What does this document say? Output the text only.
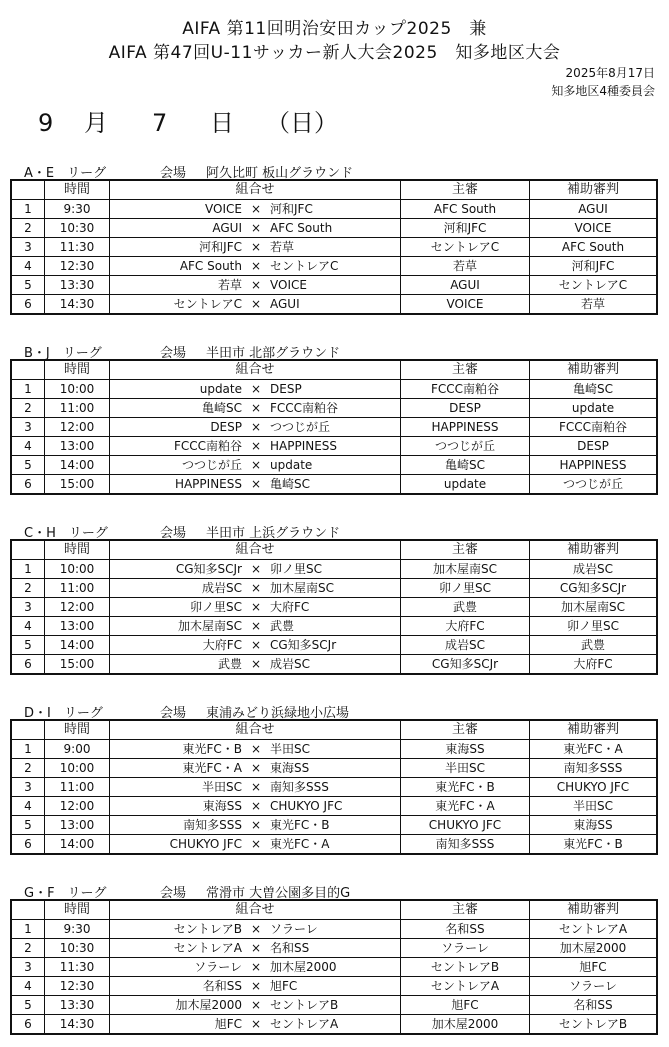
AIFA 第11回明治安田カップ2025　兼
AIFA 第47回U-11サッカー新人大会2025　知多地区大会
2025年8月17日
知多地区4種委員会
9 月 7 日 （日）
A・E　リーグ	会場 阿久比町 板山グラウンド
	時間	組合せ	主審	補助審判
1	9:30	VOICE × 河和JFC	AFC South	AGUI
2	10:30	AGUI × AFC South	河和JFC	VOICE
3	11:30	河和JFC × 若草	セントレアC	AFC South
4	12:30	AFC South × セントレアC	若草	河和JFC
5	13:30	若草 × VOICE	AGUI	セントレアC
6	14:30	セントレアC × AGUI	VOICE	若草
B・J　リーグ	会場 半田市 北部グラウンド
	時間	組合せ	主審	補助審判
1	10:00	update × DESP	FCCC南粕谷	亀崎SC
2	11:00	亀崎SC × FCCC南粕谷	DESP	update
3	12:00	DESP × つつじが丘	HAPPINESS	FCCC南粕谷
4	13:00	FCCC南粕谷 × HAPPINESS	つつじが丘	DESP
5	14:00	つつじが丘 × update	亀崎SC	HAPPINESS
6	15:00	HAPPINESS × 亀崎SC	update	つつじが丘
C・H　リーグ	会場 半田市 上浜グラウンド
	時間	組合せ	主審	補助審判
1	10:00	CG知多SCJr × 卯ノ里SC	加木屋南SC	成岩SC
2	11:00	成岩SC × 加木屋南SC	卯ノ里SC	CG知多SCJr
3	12:00	卯ノ里SC × 大府FC	武豊	加木屋南SC
4	13:00	加木屋南SC × 武豊	大府FC	卯ノ里SC
5	14:00	大府FC × CG知多SCJr	成岩SC	武豊
6	15:00	武豊 × 成岩SC	CG知多SCJr	大府FC
D・I　リーグ	会場 東浦みどり浜緑地小広場
	時間	組合せ	主審	補助審判
1	9:00	東光FC・B × 半田SC	東海SS	東光FC・A
2	10:00	東光FC・A × 東海SS	半田SC	南知多SSS
3	11:00	半田SC × 南知多SSS	東光FC・B	CHUKYO JFC
4	12:00	東海SS × CHUKYO JFC	東光FC・A	半田SC
5	13:00	南知多SSS × 東光FC・B	CHUKYO JFC	東海SS
6	14:00	CHUKYO JFC × 東光FC・A	南知多SSS	東光FC・B
G・F　リーグ	会場 常滑市 大曽公園多目的G
	時間	組合せ	主審	補助審判
1	9:30	セントレアB × ソラーレ	名和SS	セントレアA
2	10:30	セントレアA × 名和SS	ソラーレ	加木屋2000
3	11:30	ソラーレ × 加木屋2000	セントレアB	旭FC
4	12:30	名和SS × 旭FC	セントレアA	ソラーレ
5	13:30	加木屋2000 × セントレアB	旭FC	名和SS
6	14:30	旭FC × セントレアA	加木屋2000	セントレアB
